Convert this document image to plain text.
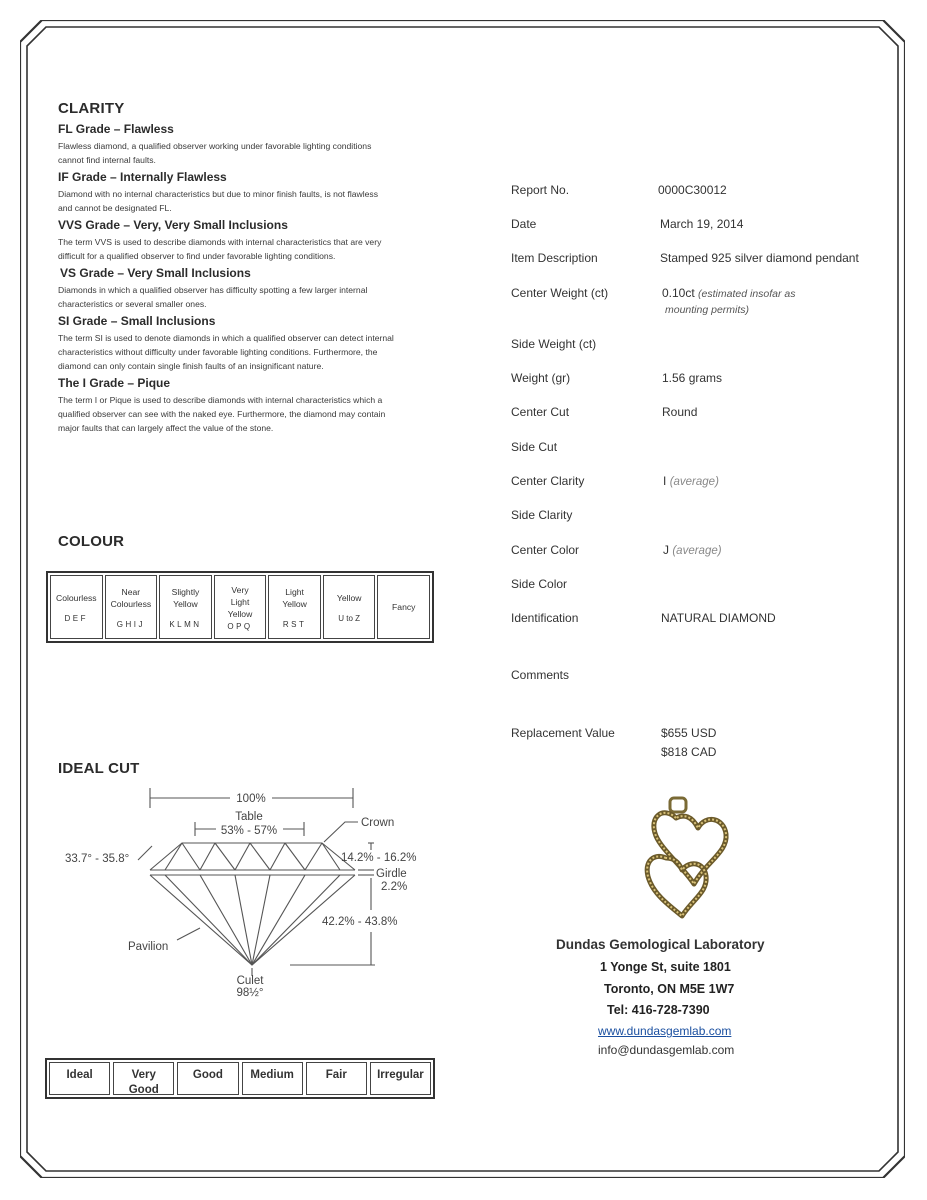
CLARITY
FL Grade – Flawless
Flawless diamond, a qualified observer working under favorable lighting conditions
cannot find internal faults.
IF Grade – Internally Flawless
Diamond with no internal characteristics but due to minor finish faults, is not flawless
and cannot be designated FL.
VVS Grade – Very, Very Small Inclusions
The term VVS is used to describe diamonds with internal characteristics that are very
difficult for a qualified observer to find under favorable lighting conditions.
VS Grade – Very Small Inclusions
Diamonds in which a qualified observer has difficulty spotting a few larger internal
characteristics or several smaller ones.
SI Grade – Small Inclusions
The term SI is used to denote diamonds in which a qualified observer can detect internal
characteristics without difficulty under favorable lighting conditions. Furthermore, the
diamond can only contain single finish faults of an insignificant nature.
The I Grade – Pique
The term I or Pique is used to describe diamonds with internal characteristics which a
qualified observer can see with the naked eye. Furthermore, the diamond may contain
major faults that can largely affect the value of the stone.
COLOUR
Colourless
DEF
Near
Colourless
GHIJ
Slightly
Yellow
KLMN
Very
Light
Yellow
OPQ
Light
Yellow
RST
Yellow
U to Z
Fancy
IDEAL CUT
100%
Table
53% - 57%
Crown
33.7° - 35.8°	14.2% - 16.2%
Girdle
2.2%
42.2% - 43.8%
Pavilion
Culet
98½°
Ideal	Very
Good
Good	Medium	Fair	Irregular
Report No.	0000C30012
Date	March 19, 2014
Item Description	Stamped 925 silver diamond pendant
Center Weight (ct)	0.10ct (estimated insofar as
mounting permits)
Side Weight (ct)
Weight (gr)	1.56 grams
Center Cut	Round
Side Cut
Center Clarity	I (average)
Side Clarity
Center Color	J (average)
Side Color
Identification	NATURAL DIAMOND
Comments
Replacement Value	$655 USD
$818 CAD
Dundas Gemological Laboratory
1 Yonge St, suite 1801
Toronto, ON M5E 1W7
Tel: 416-728-7390
www.dundasgemlab.com
info@dundasgemlab.com
